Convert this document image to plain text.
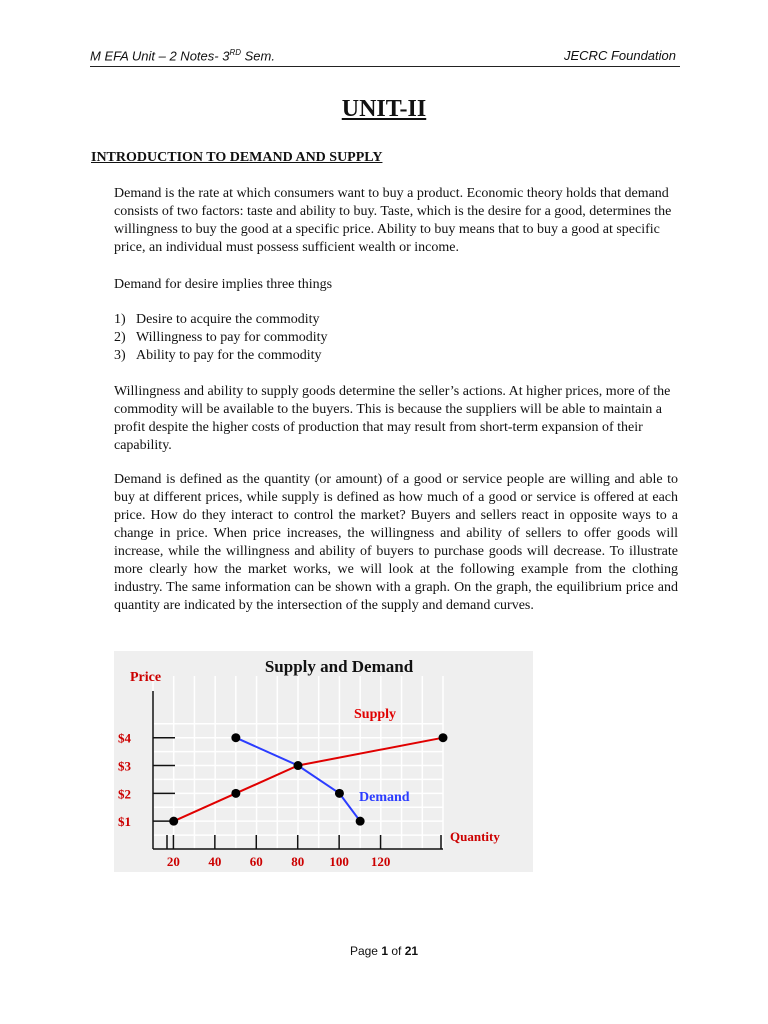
M EFA Unit – 2 Notes- 3RD Sem.	JECRC Foundation
UNIT-II
INTRODUCTION TO DEMAND AND SUPPLY
Demand is the rate at which consumers want to buy a product. Economic theory holds that demand consists of two factors: taste and ability to buy. Taste, which is the desire for a good, determines the willingness to buy the good at a specific price. Ability to buy means that to buy a good at specific price, an individual must possess sufficient wealth or income.
Demand for desire implies three things
1) Desire to acquire the commodity
2) Willingness to pay for commodity
3) Ability to pay for the commodity
Willingness and ability to supply goods determine the seller’s actions. At higher prices, more of the commodity will be available to the buyers. This is because the suppliers will be able to maintain a profit despite the higher costs of production that may result from short-term expansion of their capability.
Demand is defined as the quantity (or amount) of a good or service people are willing and able to buy at different prices, while supply is defined as how much of a good or service is offered at each price. How do they interact to control the market? Buyers and sellers react in opposite ways to a change in price. When price increases, the willingness and ability of sellers to offer goods will increase, while the willingness and ability of buyers to purchase goods will decrease. To illustrate more clearly how the market works, we will look at the following example from the clothing industry. The same information can be shown with a graph. On the graph, the equilibrium price and quantity are indicated by the intersection of the supply and demand curves.
$1
$2
$3
$4
20 40 60 80 100 120
Supply and Demand
Price
Quantity
Supply
Demand
Page 1 of 21
